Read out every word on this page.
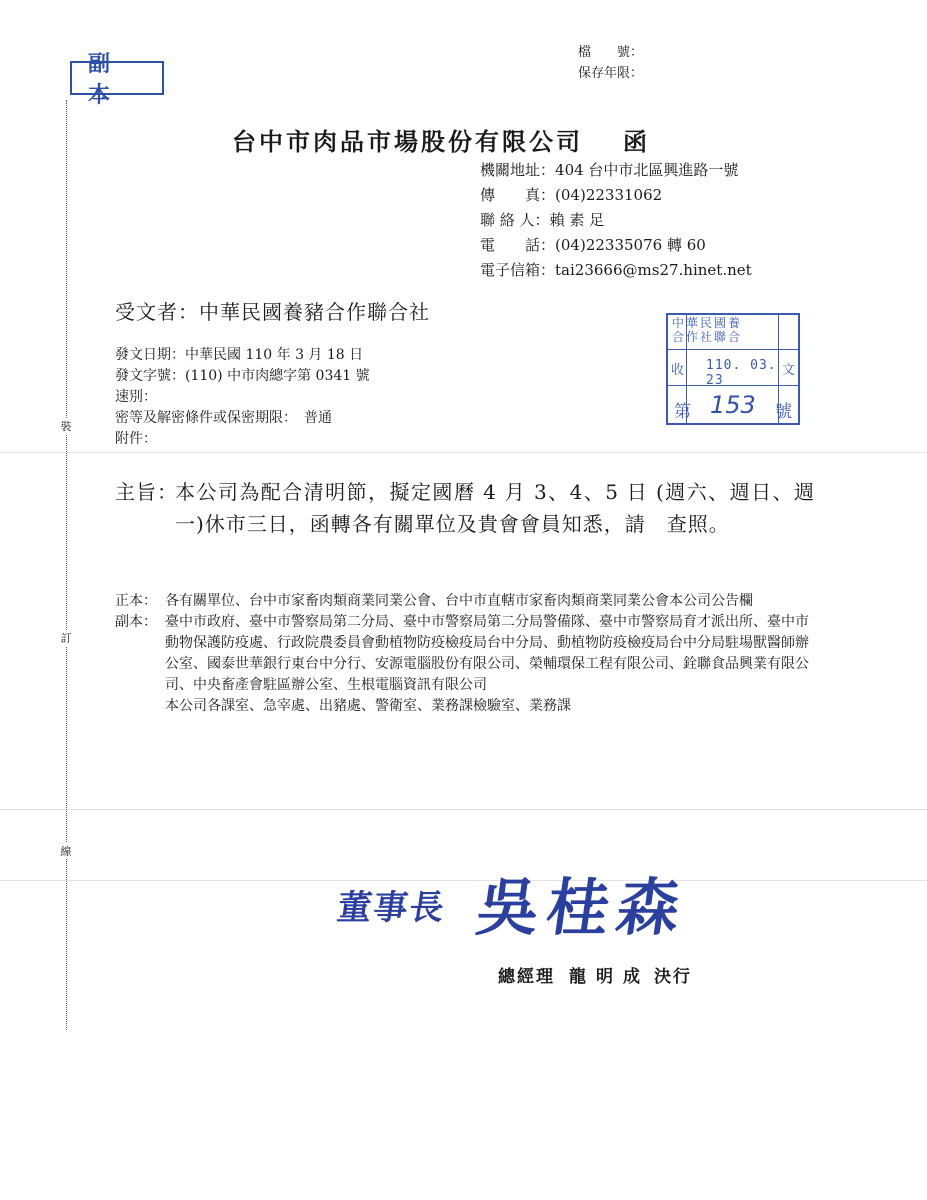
檔　　號：
保存年限：
副本
裝
訂
線
台中市肉品市場股份有限公司 函
機關地址：404 台中市北區興進路一號
傳　　真：(04)22331062
聯 絡 人：賴 素 足
電　　話：(04)22335076 轉 60
電子信箱：tai23666@ms27.hinet.net
受文者：中華民國養豬合作聯合社
發文日期：中華民國 110 年 3 月 18 日
發文字號：(110) 中市肉總字第 0341 號
速別：
密等及解密條件或保密期限：　普通
附件：
中華民國養
合作社聯合
收	文
110. 03. 23
第 153 號
主旨：
本公司為配合清明節，擬定國曆 4 月 3、4、5 日 (週六、週日、週一)休市三日，函轉各有關單位及貴會會員知悉，請　查照。
正本： 各有關單位、台中市家畜肉類商業同業公會、台中市直轄市家畜肉類商業同業公會本公司公告欄
副本： 臺中市政府、臺中市警察局第二分局、臺中市警察局第二分局警備隊、臺中市警察局育才派出所、臺中市動物保護防疫處、行政院農委員會動植物防疫檢疫局台中分局、動植物防疫檢疫局台中分局駐場獸醫師辦公室、國泰世華銀行東台中分行、安源電腦股份有限公司、榮輔環保工程有限公司、銓聯食品興業有限公司、中央畜產會駐區辦公室、生根電腦資訊有限公司
本公司各課室、急宰處、出豬處、警衛室、業務課檢驗室、業務課
董事長 吳桂森
總經理 龍明成 決行
